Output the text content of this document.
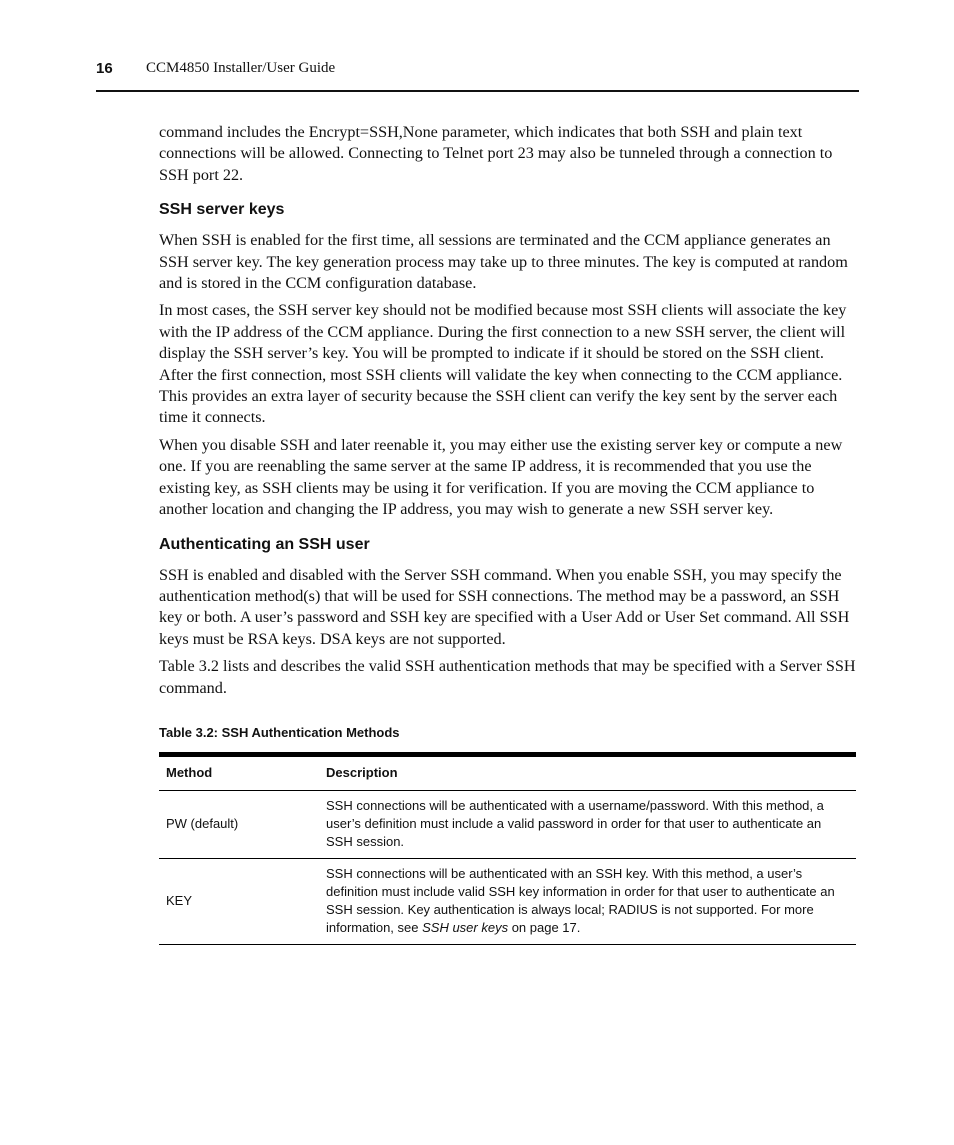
16 CCM4850 Installer/User Guide

command includes the Encrypt=SSH,None parameter, which indicates that both SSH and plain text connections will be allowed. Connecting to Telnet port 23 may also be tunneled through a connection to SSH port 22.

SSH server keys

When SSH is enabled for the first time, all sessions are terminated and the CCM appliance generates an SSH server key. The key generation process may take up to three minutes. The key is computed at random and is stored in the CCM configuration database.

In most cases, the SSH server key should not be modified because most SSH clients will associate the key with the IP address of the CCM appliance. During the first connection to a new SSH server, the client will display the SSH server’s key. You will be prompted to indicate if it should be stored on the SSH client. After the first connection, most SSH clients will validate the key when connecting to the CCM appliance. This provides an extra layer of security because the SSH client can verify the key sent by the server each time it connects.

When you disable SSH and later reenable it, you may either use the existing server key or compute a new one. If you are reenabling the same server at the same IP address, it is recommended that you use the existing key, as SSH clients may be using it for verification. If you are moving the CCM appliance to another location and changing the IP address, you may wish to generate a new SSH server key.

Authenticating an SSH user

SSH is enabled and disabled with the Server SSH command. When you enable SSH, you may specify the authentication method(s) that will be used for SSH connections. The method may be a password, an SSH key or both. A user’s password and SSH key are specified with a User Add or User Set command. All SSH keys must be RSA keys. DSA keys are not supported.

Table 3.2 lists and describes the valid SSH authentication methods that may be specified with a Server SSH command.

Table 3.2: SSH Authentication Methods
Method	Description
PW (default)	SSH connections will be authenticated with a username/password. With this method, a user’s definition must include a valid password in order for that user to authenticate an SSH session.
KEY	SSH connections will be authenticated with an SSH key. With this method, a user’s definition must include valid SSH key information in order for that user to authenticate an SSH session. Key authentication is always local; RADIUS is not supported. For more information, see SSH user keys on page 17.
